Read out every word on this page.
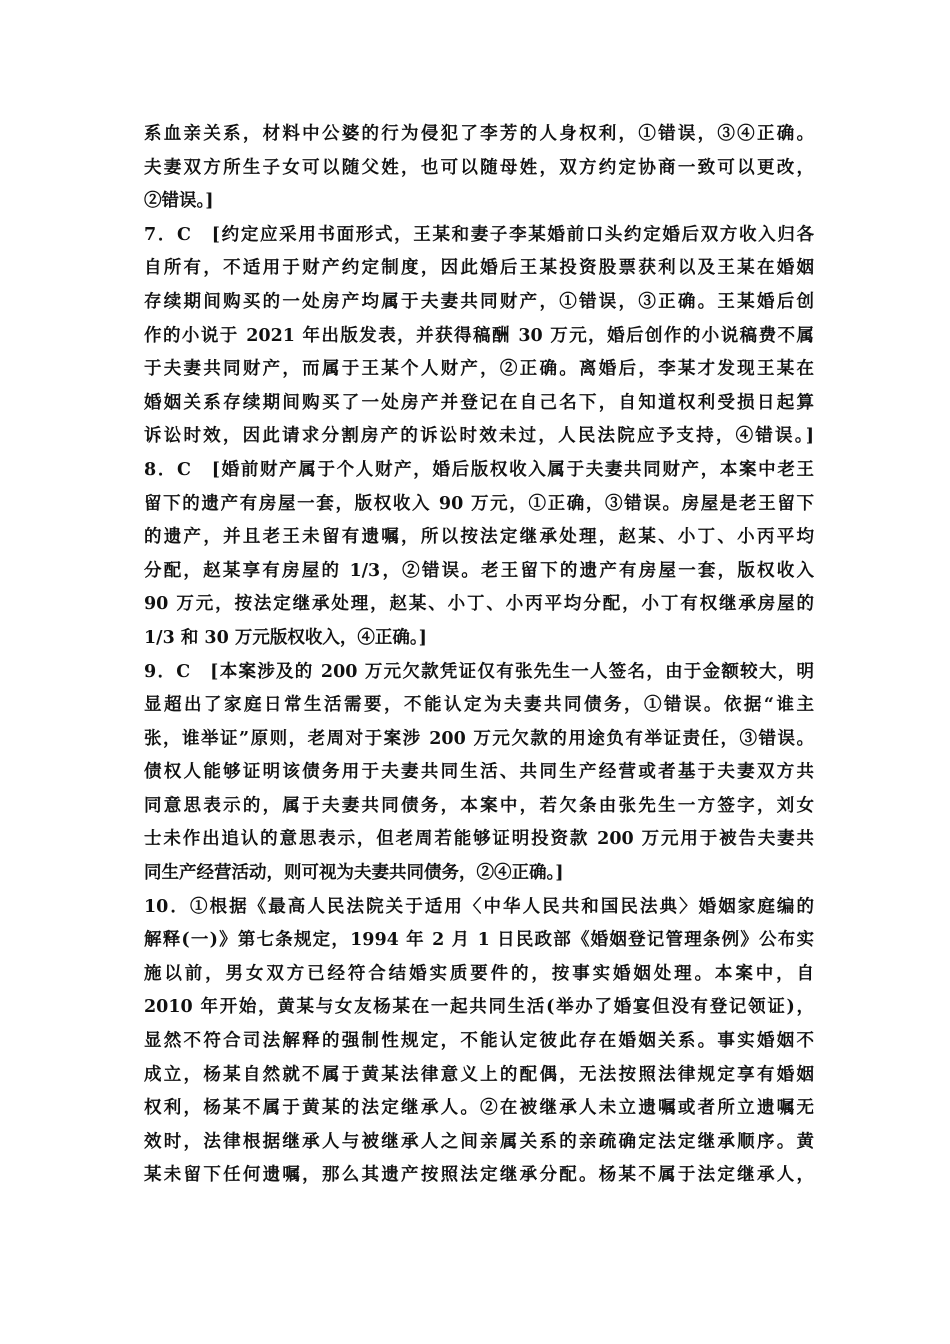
系血亲关系，材料中公婆的行为侵犯了李芳的人身权利，①错误，③④正确。
夫妻双方所生子女可以随父姓，也可以随母姓，双方约定协商一致可以更改，
②错误。]
7．C　[约定应采用书面形式，王某和妻子李某婚前口头约定婚后双方收入归各
自所有，不适用于财产约定制度，因此婚后王某投资股票获利以及王某在婚姻
存续期间购买的一处房产均属于夫妻共同财产，①错误，③正确。王某婚后创
作的小说于 2021 年出版发表，并获得稿酬 30 万元，婚后创作的小说稿费不属
于夫妻共同财产，而属于王某个人财产，②正确。离婚后，李某才发现王某在
婚姻关系存续期间购买了一处房产并登记在自己名下，自知道权利受损日起算
诉讼时效，因此请求分割房产的诉讼时效未过，人民法院应予支持，④错误。]
8．C　[婚前财产属于个人财产，婚后版权收入属于夫妻共同财产，本案中老王
留下的遗产有房屋一套，版权收入 90 万元，①正确，③错误。房屋是老王留下
的遗产，并且老王未留有遗嘱，所以按法定继承处理，赵某、小丁、小丙平均
分配，赵某享有房屋的 1/3，②错误。老王留下的遗产有房屋一套，版权收入
90 万元，按法定继承处理，赵某、小丁、小丙平均分配，小丁有权继承房屋的
1/3 和 30 万元版权收入，④正确。]
9．C　[本案涉及的 200 万元欠款凭证仅有张先生一人签名，由于金额较大，明
显超出了家庭日常生活需要，不能认定为夫妻共同债务，①错误。依据“谁主
张，谁举证”原则，老周对于案涉 200 万元欠款的用途负有举证责任，③错误。
债权人能够证明该债务用于夫妻共同生活、共同生产经营或者基于夫妻双方共
同意思表示的，属于夫妻共同债务，本案中，若欠条由张先生一方签字，刘女
士未作出追认的意思表示，但老周若能够证明投资款 200 万元用于被告夫妻共
同生产经营活动，则可视为夫妻共同债务，②④正确。]
10．①根据《最高人民法院关于适用〈中华人民共和国民法典〉婚姻家庭编的
解释(一)》第七条规定，1994 年 2 月 1 日民政部《婚姻登记管理条例》公布实
施以前，男女双方已经符合结婚实质要件的，按事实婚姻处理。本案中，自
2010 年开始，黄某与女友杨某在一起共同生活(举办了婚宴但没有登记领证)，
显然不符合司法解释的强制性规定，不能认定彼此存在婚姻关系。事实婚姻不
成立，杨某自然就不属于黄某法律意义上的配偶，无法按照法律规定享有婚姻
权利，杨某不属于黄某的法定继承人。②在被继承人未立遗嘱或者所立遗嘱无
效时，法律根据继承人与被继承人之间亲属关系的亲疏确定法定继承顺序。黄
某未留下任何遗嘱，那么其遗产按照法定继承分配。杨某不属于法定继承人，
